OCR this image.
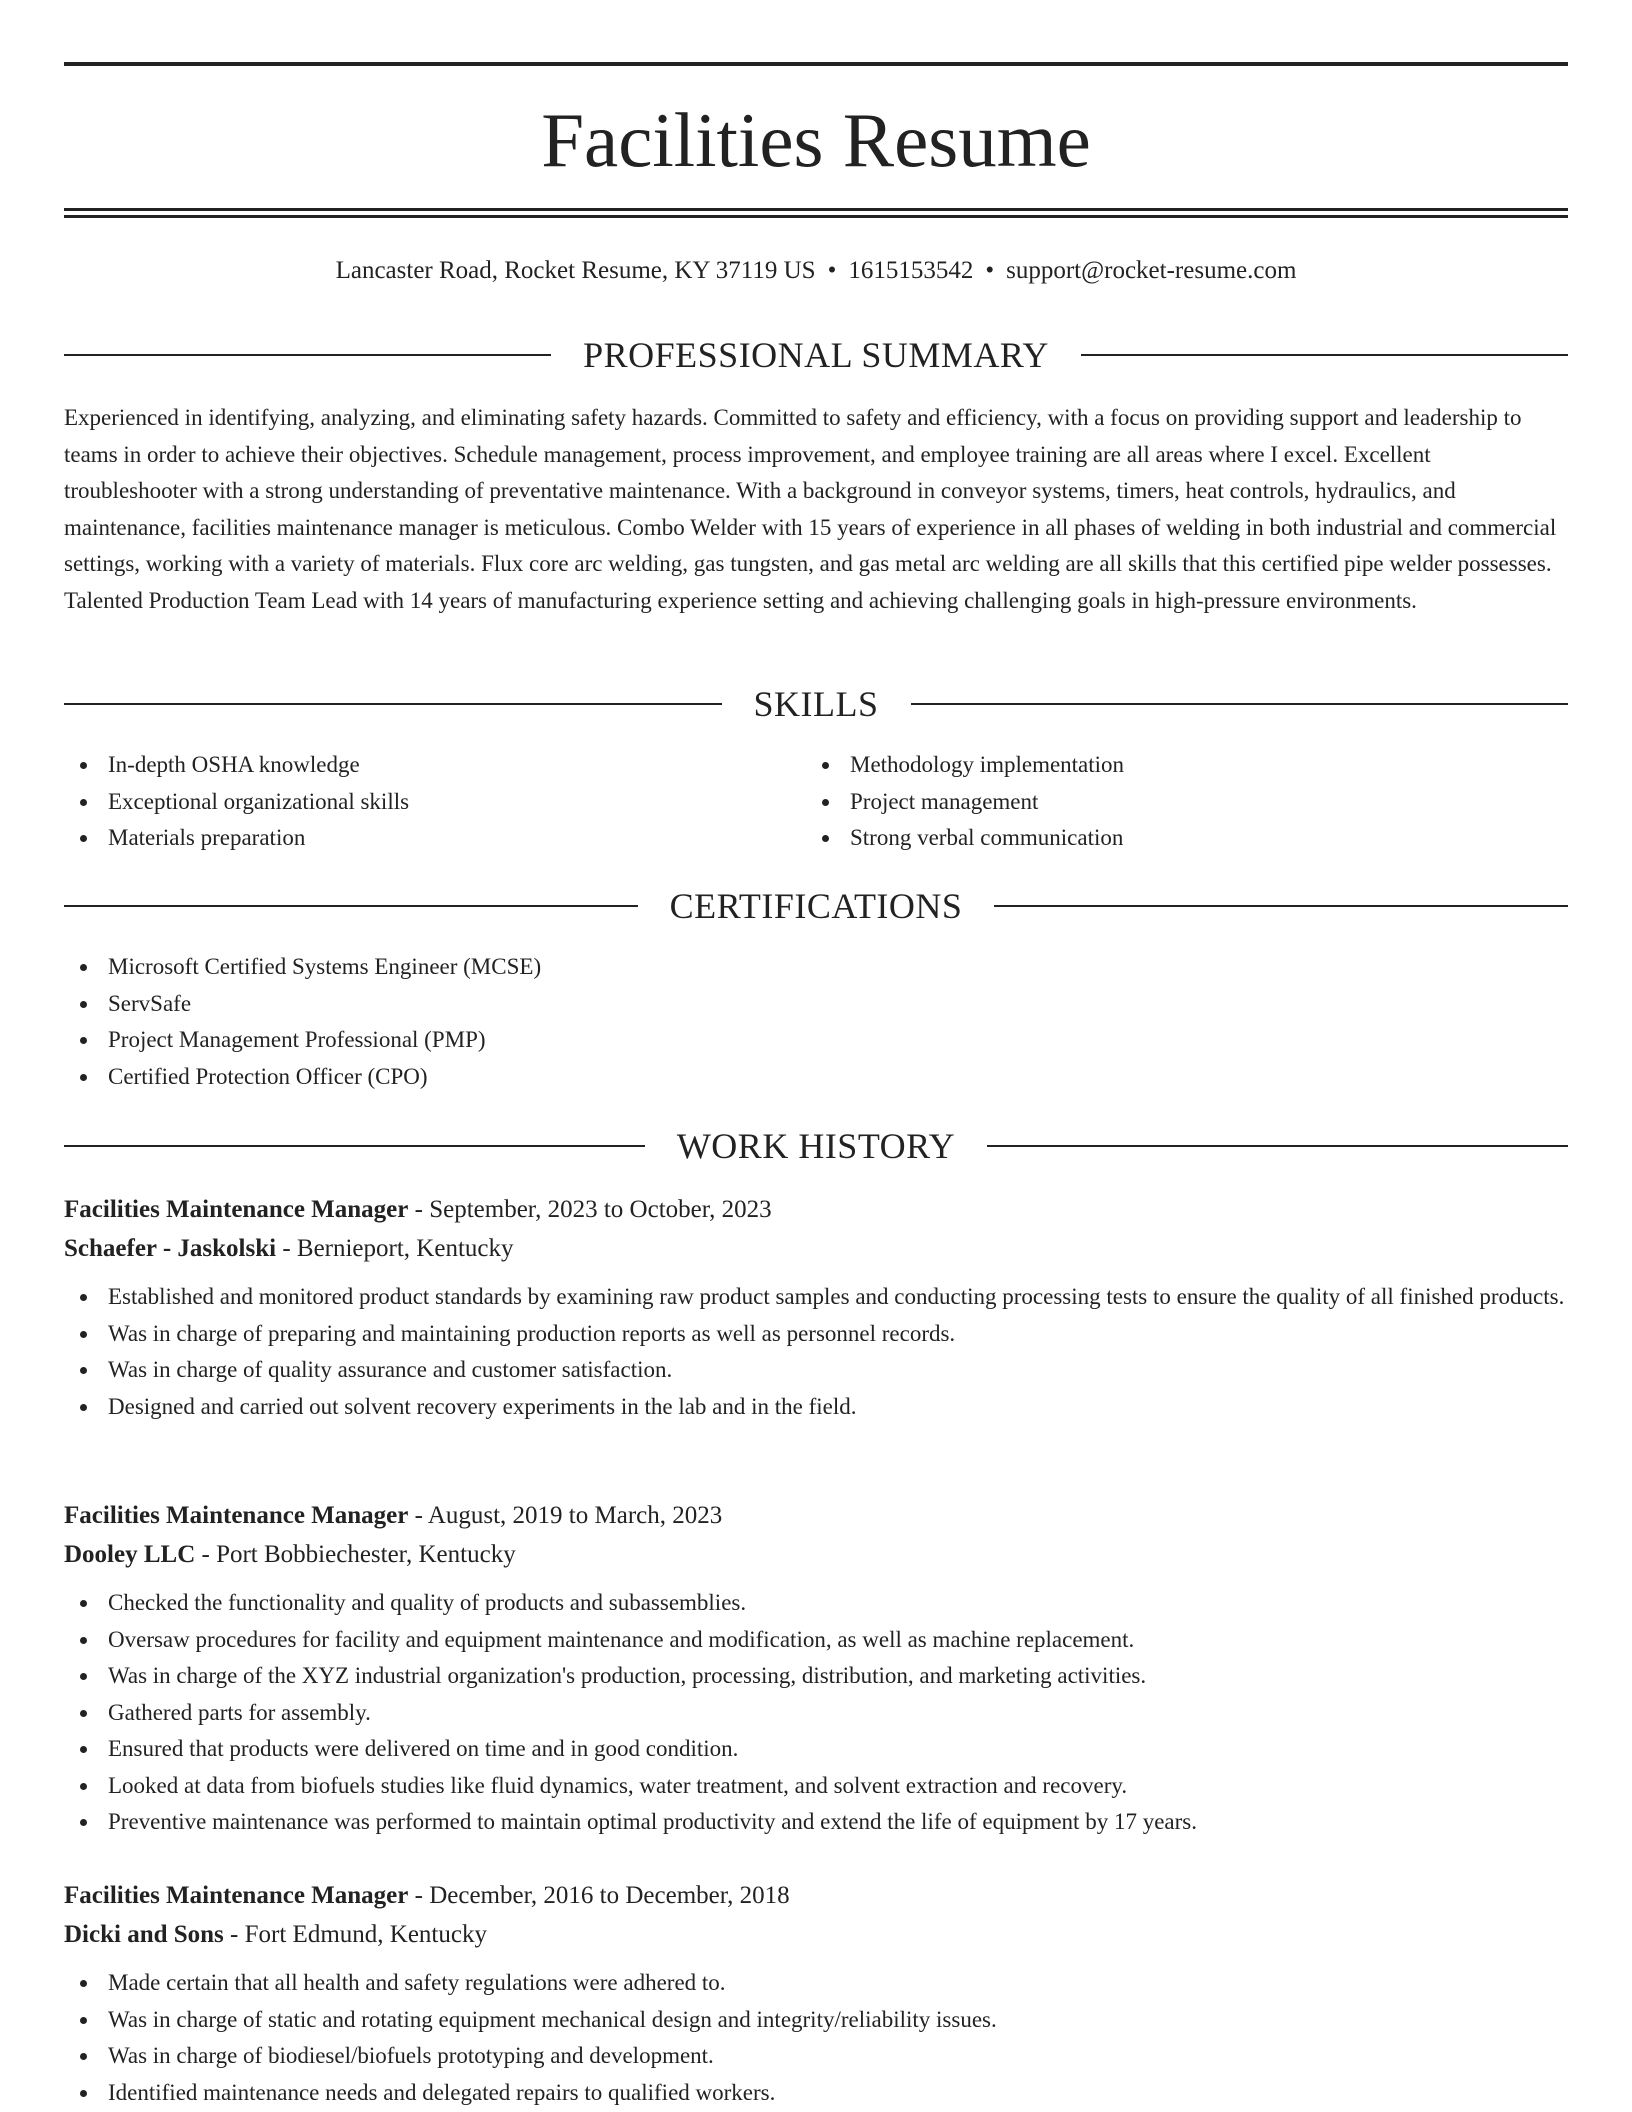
Facilities Resume
Lancaster Road, Rocket Resume, KY 37119 US • 1615153542 • support@rocket-resume.com
PROFESSIONAL SUMMARY

Experienced in identifying, analyzing, and eliminating safety hazards. Committed to safety and efficiency, with a focus on providing support and leadership to teams in order to achieve their objectives. Schedule management, process improvement, and employee training are all areas where I excel. Excellent troubleshooter with a strong understanding of preventative maintenance. With a background in conveyor systems, timers, heat controls, hydraulics, and maintenance, facilities maintenance manager is meticulous. Combo Welder with 15 years of experience in all phases of welding in both industrial and commercial settings, working with a variety of materials. Flux core arc welding, gas tungsten, and gas metal arc welding are all skills that this certified pipe welder possesses. Talented Production Team Lead with 14 years of manufacturing experience setting and achieving challenging goals in high-pressure environments.

SKILLS
In-depth OSHA knowledge
Exceptional organizational skills
Materials preparation
Methodology implementation
Project management
Strong verbal communication
CERTIFICATIONS
Microsoft Certified Systems Engineer (MCSE)
ServSafe
Project Management Professional (PMP)
Certified Protection Officer (CPO)
WORK HISTORY
Facilities Maintenance Manager - September, 2023 to October, 2023
Schaefer - Jaskolski - Bernieport, Kentucky
Established and monitored product standards by examining raw product samples and conducting processing tests to ensure the quality of all finished products.
Was in charge of preparing and maintaining production reports as well as personnel records.
Was in charge of quality assurance and customer satisfaction.
Designed and carried out solvent recovery experiments in the lab and in the field.
Facilities Maintenance Manager - August, 2019 to March, 2023
Dooley LLC - Port Bobbiechester, Kentucky
Checked the functionality and quality of products and subassemblies.
Oversaw procedures for facility and equipment maintenance and modification, as well as machine replacement.
Was in charge of the XYZ industrial organization's production, processing, distribution, and marketing activities.
Gathered parts for assembly.
Ensured that products were delivered on time and in good condition.
Looked at data from biofuels studies like fluid dynamics, water treatment, and solvent extraction and recovery.
Preventive maintenance was performed to maintain optimal productivity and extend the life of equipment by 17 years.
Facilities Maintenance Manager - December, 2016 to December, 2018
Dicki and Sons - Fort Edmund, Kentucky
Made certain that all health and safety regulations were adhered to.
Was in charge of static and rotating equipment mechanical design and integrity/reliability issues.
Was in charge of biodiesel/biofuels prototyping and development.
Identified maintenance needs and delegated repairs to qualified workers.
